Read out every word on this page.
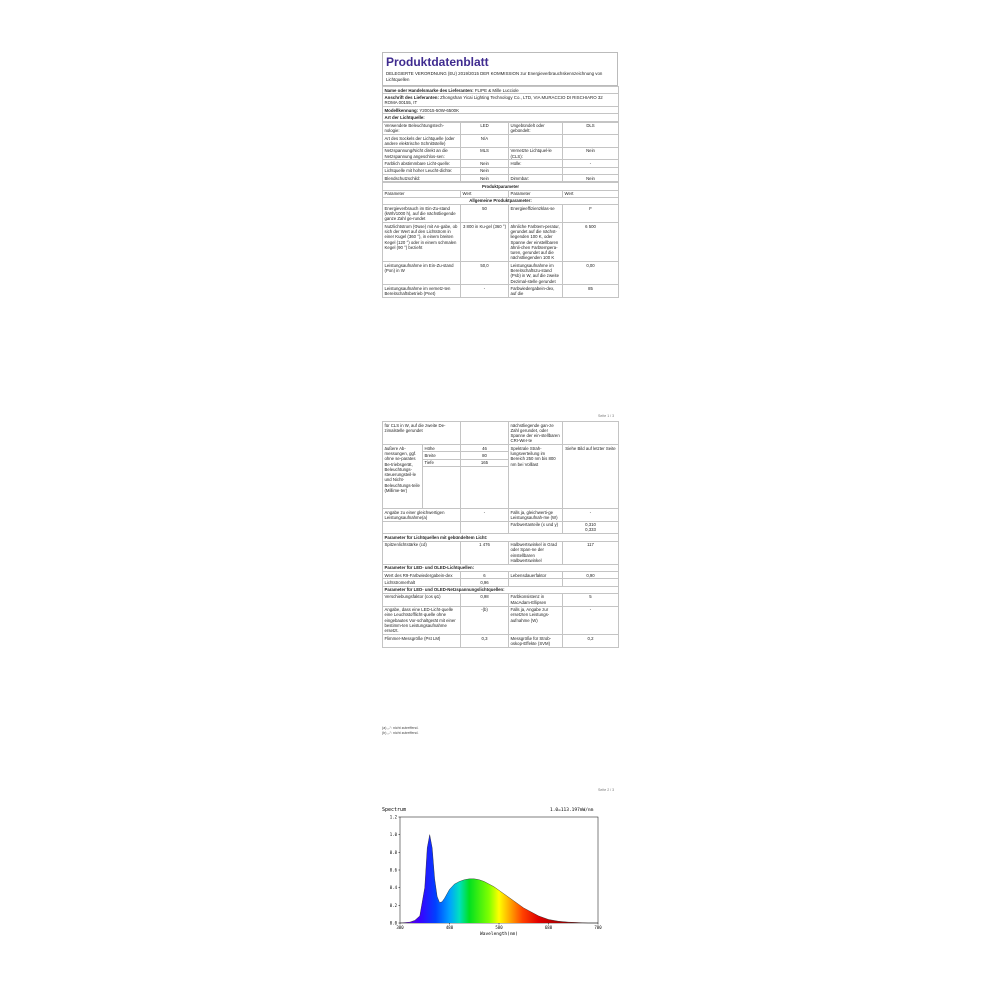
Produktdatenblatt
DELEGIERTE VERORDNUNG (EU) 2019/2015 DER KOMMISSION zur Energieverbrauchskennzeichnung von Lichtquellen
Name oder Handelsmarke des Lieferanten: FLIPE & Mille Lucciole
Anschrift des Lieferanten: Zhongshan Yicai Lighting Technology Co., LTD, VIA MURACCIO DI RISCHIARO 32 ROMA 00155, IT
Modellkennung: Y20015-50W-6500K
Art der Lichtquelle:
Verwendete Beleuchtungstech-nologie:	LED	Ungebündelt oder gebündelt:	DLS
Art des Sockels der Lichtquelle (oder andere elektrische Schnittstelle)	N/A		
Netzspannung/Nicht direkt an die Netzspannung angeschlos-sen:	MLS	Vernetzte Lichtquel-le (CLS):	Nein
Farblich abstimmbare Licht-quelle:	Nein	Hülle:	-
Lichtquelle mit hoher Leucht-dichte:	Nein		
Blendschutzschild:	Nein	Dimmbar:	Nein
Produktparameter			
Parameter	Wert	Parameter	Wert
Allgemeine Produktparameter:			
Energieverbrauch im Ein-Zu-stand (kWh/1000 h), auf die nächstliegende ganze Zahl ge-rundet	50	Energieeffizienzklas-se	F
Nutzlichtstrom (Φuse) mit An-gabe, ob sich der Wert auf den Lichtstrom in einer Kugel (360 °), in einem breiten Kegel (120 °) oder in einem schmalen Kegel (90 °) bezieht	3 800 in Ku-gel (360 °)	ähnliche Farbtem-peratur, gerundet auf die nächst-liegenden 100 K, oder Spanne der einstellbaren ähnli-chen Farbtempera-turen, gerundet auf die nächstliegenden 100 K	6 500
Leistungsaufnahme im Ein-Zu-stand (Pon) in W	50,0	Leistungsaufnahme im Bereitschaftszu-stand (Psb) in W, auf die zweite Dezimal-stelle gerundet	0,00
Leistungsaufnahme im vernetz-ten Bereitschaftsbetrieb (Pnet)	-	Farbwiedergabein-dex, auf die	85
Seite 1 / 3
für CLS in W, auf die zweite De-zimalstelle gerundet			nächstliegende gan-ze Zahl gerundet, oder Spanne der ein-stellbaren CRI-Wer-te	
äußere Ab-messungen, ggf. ohne se-parates Be-triebsgerät, Beleuchtungs-steuerungsteil-le und Nicht-Beleuchtungs-teile (Millime-ter)	Höhe	46	Spektrale Strah-lungsverteilung im Bereich 250 nm bis 800 nm bei Volllast	Siehe Bild auf letzter Seite
	Breite	80		
	Tiefe	165		

Angabe zu einer gleichwertigen Leistungsaufnahme(a)		-	Falls ja, gleichwerti-ge Leistungsaufnah-me (W)	-
			Farbwertanteile (x und y)	0,310
0,333
Parameter für Lichtquellen mit gebündeltem Licht:				
Spitzenlichtstärke (cd)		1 476	Halbwertswinkel in Grad oder Span-ne der einstellbaren Halbwertswinkel	117
Parameter für LED- und OLED-Lichtquellen:				
Wert des R9-Farbwiedergabein-dex		6	Lebensdauerfaktor	0,90
Lichtstromerhalt		0,96		
Parameter für LED- und OLED-Netzspannungslichtquellen:				
Verschiebungsfaktor (cos φ1)		0,98	Farbkonsistenz in MacAdam-Ellipsen	5
Angabe, dass eine LED-Licht-quelle eine Leuchtstofflicht-quelle ohne eingebautes Vor-schaltgerät mit einer bestimm-ten Leistungsaufnahme ersetzt.		-(b)	Falls ja, Angabe zur ersetzten Leistungs-aufnahme (W)	-
Flimmer-Messgröße (Pst LM)		0,3	Messgröße für Strob-oskop-Effekte (SVM)	0,2
(a) „-“: nicht zutreffend.
(b) „-“: nicht zutreffend.
Seite 2 / 3
Spectrum	1.0=113.197mW/nm
0.0
0.2
0.4
0.6
0.8
1.0
1.2
380	480	580	680	780
Wavelength(nm)
